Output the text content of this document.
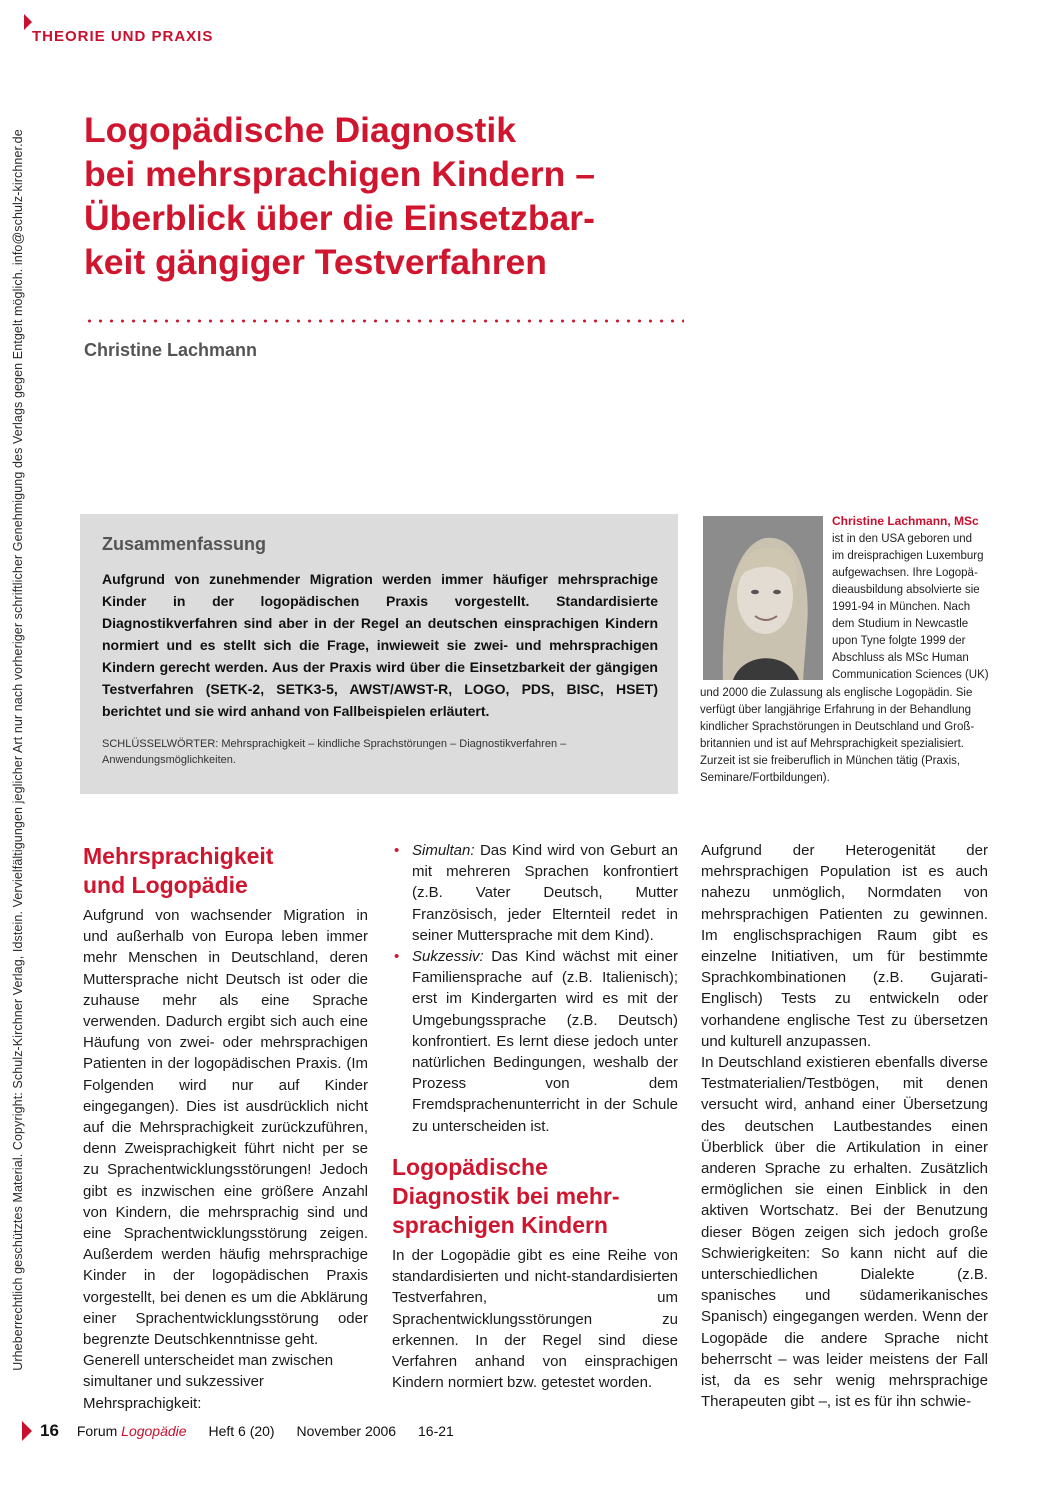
Urheberrechtlich geschütztes Material. Copyright: Schulz-Kirchner Verlag, Idstein. Vervielfältigungen jeglicher Art nur nach vorheriger schriftlicher Genehmigung des Verlags gegen Entgelt möglich. info@schulz-kirchner.de
THEORIE UND PRAXIS
Logopädische Diagnostik
bei mehrsprachigen Kindern –
Überblick über die Einsetzbar-
keit gängiger Testverfahren
Christine Lachmann
Zusammenfassung
Aufgrund von zunehmender Migration werden immer häufiger mehrsprachige Kinder in der logopädischen Praxis vorgestellt. Standardisierte Diagnostikverfahren sind aber in der Regel an deutschen einsprachigen Kindern normiert und es stellt sich die Frage, inwieweit sie zwei- und mehrsprachigen Kindern gerecht werden. Aus der Praxis wird über die Einsetzbarkeit der gängigen Testverfahren (SETK-2, SETK3-5, AWST/AWST-R, LOGO, PDS, BISC, HSET) berichtet und sie wird anhand von Fallbeispielen erläutert.
SCHLÜSSELWÖRTER: Mehrsprachigkeit – kindliche Sprachstörungen – Diagnostikverfahren – Anwendungsmöglichkeiten.
Christine Lachmann, MSc
ist in den USA geboren und
im dreisprachigen Luxemburg
aufgewachsen. Ihre Logopä-
dieausbildung absolvierte sie
1991-94 in München. Nach
dem Studium in Newcastle
upon Tyne folgte 1999 der
Abschluss als MSc Human
Communication Sciences (UK)
und 2000 die Zulassung als englische Logopädin. Sie
verfügt über langjährige Erfahrung in der Behandlung
kindlicher Sprachstörungen in Deutschland und Groß-
britannien und ist auf Mehrsprachigkeit spezialisiert.
Zurzeit ist sie freiberuflich in München tätig (Praxis,
Seminare/Fortbildungen).
Mehrsprachigkeit
und Logopädie

Aufgrund von wachsender Migration in und außerhalb von Europa leben immer mehr Menschen in Deutschland, deren Muttersprache nicht Deutsch ist oder die zuhause mehr als eine Sprache verwenden. Dadurch ergibt sich auch eine Häufung von zwei- oder mehrsprachigen Patienten in der logopädischen Praxis. (Im Folgenden wird nur auf Kinder eingegangen). Dies ist ausdrücklich nicht auf die Mehrsprachigkeit zurückzuführen, denn Zweisprachigkeit führt nicht per se zu Sprachentwicklungsstörungen! Jedoch gibt es inzwischen eine größere Anzahl von Kindern, die mehrsprachig sind und eine Sprachentwicklungsstörung zeigen. Außerdem werden häufig mehrsprachige Kinder in der logopädischen Praxis vorgestellt, bei denen es um die Abklärung einer Sprachentwicklungsstörung oder begrenzte Deutschkenntnisse geht.

Generell unterscheidet man zwischen simultaner und sukzessiver Mehrsprachigkeit:

• Simultan: Das Kind wird von Geburt an mit mehreren Sprachen konfrontiert (z.B. Vater Deutsch, Mutter Französisch, jeder Elternteil redet in seiner Muttersprache mit dem Kind).
• Sukzessiv: Das Kind wächst mit einer Familiensprache auf (z.B. Italienisch); erst im Kindergarten wird es mit der Umgebungssprache (z.B. Deutsch) konfrontiert. Es lernt diese jedoch unter natürlichen Bedingungen, weshalb der Prozess von dem Fremdsprachenunterricht in der Schule zu unterscheiden ist.
Logopädische
Diagnostik bei mehr-
sprachigen Kindern

In der Logopädie gibt es eine Reihe von standardisierten und nicht-standardisierten Testverfahren, um Sprachentwicklungsstörungen zu erkennen. In der Regel sind diese Verfahren anhand von einsprachigen Kindern normiert bzw. getestet worden.

Aufgrund der Heterogenität der mehrsprachigen Population ist es auch nahezu unmöglich, Normdaten von mehrsprachigen Patienten zu gewinnen. Im englischsprachigen Raum gibt es einzelne Initiativen, um für bestimmte Sprachkombinationen (z.B. Gujarati-Englisch) Tests zu entwickeln oder vorhandene englische Test zu übersetzen und kulturell anzupassen.

In Deutschland existieren ebenfalls diverse Testmaterialien/Testbögen, mit denen versucht wird, anhand einer Übersetzung des deutschen Lautbestandes einen Überblick über die Artikulation in einer anderen Sprache zu erhalten. Zusätzlich ermöglichen sie einen Einblick in den aktiven Wortschatz. Bei der Benutzung dieser Bögen zeigen sich jedoch große Schwierigkeiten: So kann nicht auf die unterschiedlichen Dialekte (z.B. spanisches und südamerikanisches Spanisch) eingegangen werden. Wenn der Logopäde die andere Sprache nicht beherrscht – was leider meistens der Fall ist, da es sehr wenig mehrsprachige Therapeuten gibt –, ist es für ihn schwie-

16 Forum Logopädie Heft 6 (20) November 2006 16-21
